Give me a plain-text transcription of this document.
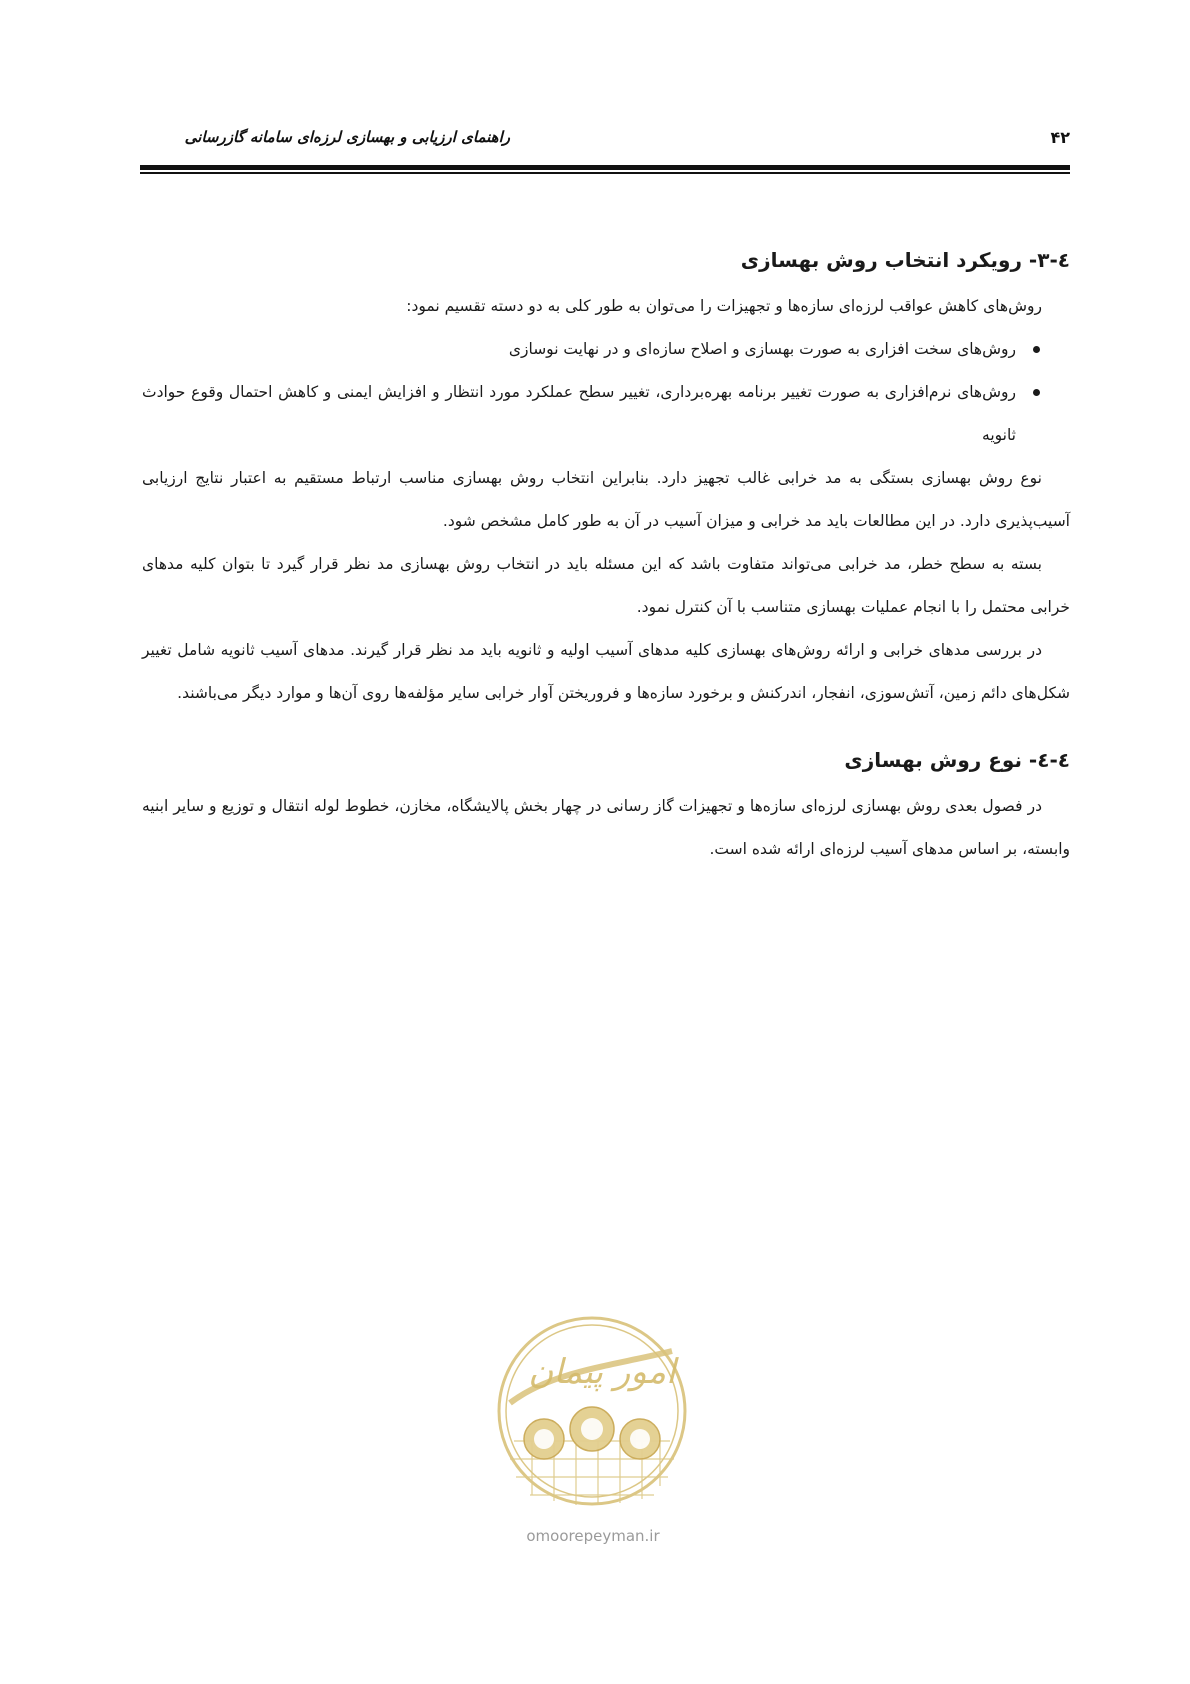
راهنمای ارزیابی و بهسازی لرزه‌ای سامانه گازرسانی	۴۲
٤-۳- رویکرد انتخاب روش بهسازی

روش‌های کاهش عواقب لرزه‌ای سازه‌ها و تجهیزات را می‌توان به طور کلی به دو دسته تقسیم نمود:

روش‌های سخت افزاری به صورت بهسازی و اصلاح سازه‌ای و در نهایت نوسازی
روش‌های نرم‌افزاری به صورت تغییر برنامه بهره‌برداری، تغییر سطح عملکرد مورد انتظار و افزایش ایمنی و کاهش احتمال وقوع حوادث ثانویه

نوع روش بهسازی بستگی به مد خرابی غالب تجهیز دارد. بنابراین انتخاب روش بهسازی مناسب ارتباط مستقیم به اعتبار نتایج ارزیابی آسیب‌پذیری دارد. در این مطالعات باید مد خرابی و میزان آسیب در آن به طور کامل مشخص شود.

بسته به سطح خطر، مد خرابی می‌تواند متفاوت باشد که این مسئله باید در انتخاب روش بهسازی مد نظر قرار گیرد تا بتوان کلیه مدهای خرابی محتمل را با انجام عملیات بهسازی متناسب با آن کنترل نمود.

در بررسی مدهای خرابی و ارائه روش‌های بهسازی کلیه مدهای آسیب اولیه و ثانویه باید مد نظر قرار گیرند. مدهای آسیب ثانویه شامل تغییر شکل‌های دائم زمین، آتش‌سوزی، انفجار، اندرکنش و برخورد سازه‌ها و فروریختن آوار خرابی سایر مؤلفه‌ها روی آن‌ها و موارد دیگر می‌باشند.

٤-٤- نوع روش بهسازی

در فصول بعدی روش بهسازی لرزه‌ای سازه‌ها و تجهیزات گاز رسانی در چهار بخش پالایشگاه، مخازن، خطوط لوله انتقال و توزیع و سایر ابنیه وابسته، بر اساس مدهای آسیب لرزه‌ای ارائه شده است.

امور پیمان
omoorepeyman.ir
